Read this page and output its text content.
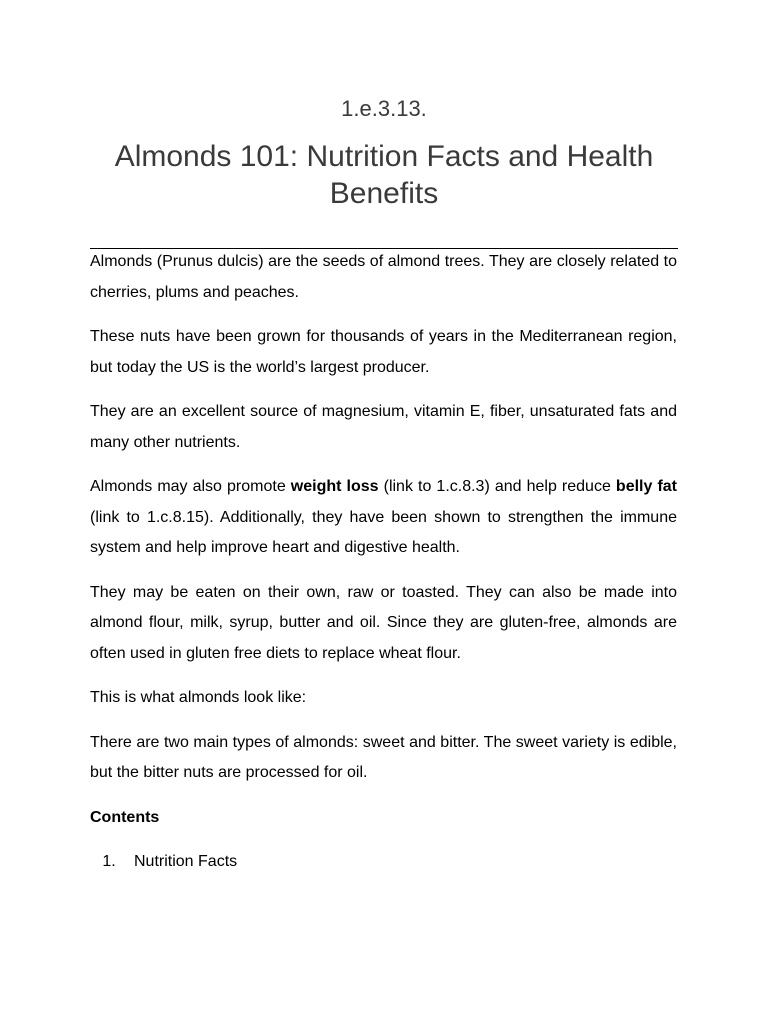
1.e.3.13.
Almonds 101: Nutrition Facts and Health Benefits

Almonds (Prunus dulcis) are the seeds of almond trees. They are closely related to cherries, plums and peaches.

These nuts have been grown for thousands of years in the Mediterranean region, but today the US is the world’s largest producer.

They are an excellent source of magnesium, vitamin E, fiber, unsaturated fats and many other nutrients.

Almonds may also promote weight loss (link to 1.c.8.3) and help reduce belly fat (link to 1.c.8.15). Additionally, they have been shown to strengthen the immune system and help improve heart and digestive health.

They may be eaten on their own, raw or toasted. They can also be made into almond flour, milk, syrup, butter and oil. Since they are gluten-free, almonds are often used in gluten free diets to replace wheat flour.

This is what almonds look like:

There are two main types of almonds: sweet and bitter. The sweet variety is edible, but the bitter nuts are processed for oil.

Contents
1.	Nutrition Facts
